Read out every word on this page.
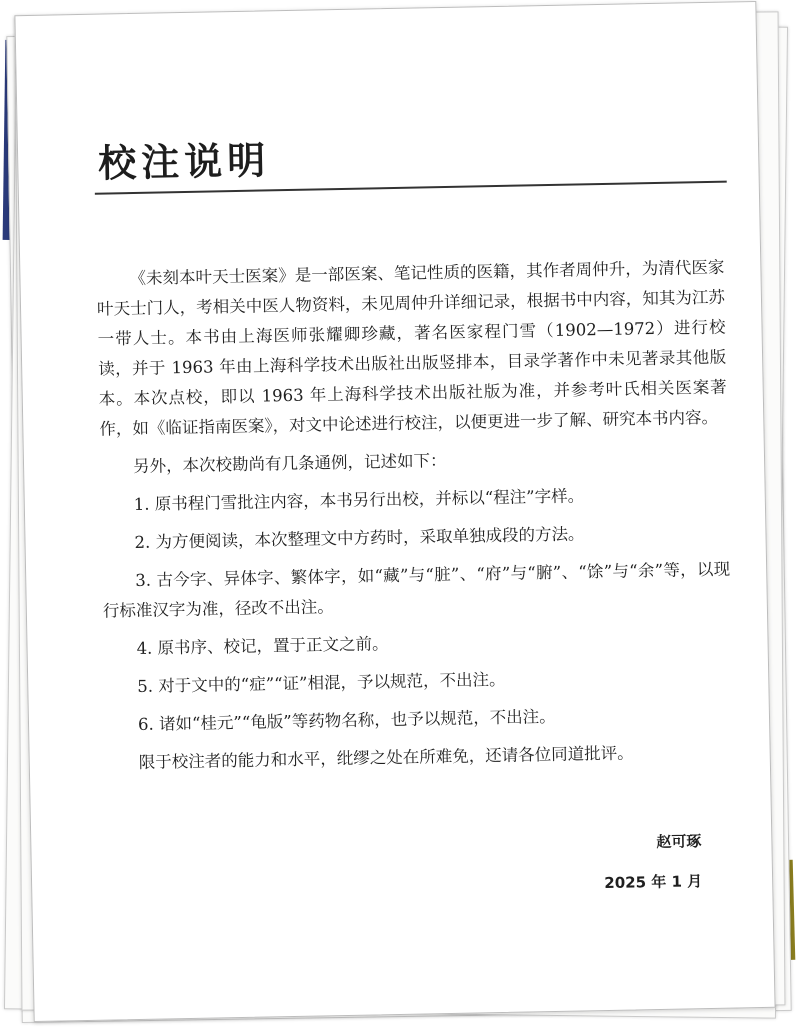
校注说明

《未刻本叶天士医案》是一部医案、笔记性质的医籍，其作者周仲升，为清代医家叶天士门人，考相关中医人物资料，未见周仲升详细记录，根据书中内容，知其为江苏一带人士。本书由上海医师张耀卿珍藏，著名医家程门雪（1902—1972）进行校读，并于 1963 年由上海科学技术出版社出版竖排本，目录学著作中未见著录其他版本。本次点校，即以 1963 年上海科学技术出版社版为准，并参考叶氏相关医案著作，如《临证指南医案》，对文中论述进行校注，以便更进一步了解、研究本书内容。

另外，本次校勘尚有几条通例，记述如下：

1. 原书程门雪批注内容，本书另行出校，并标以“程注”字样。

2. 为方便阅读，本次整理文中方药时，采取单独成段的方法。

3. 古今字、异体字、繁体字，如“藏”与“脏”、“府”与“腑”、“馀”与“余”等，以现行标准汉字为准，径改不出注。

4. 原书序、校记，置于正文之前。

5. 对于文中的“症”“证”相混，予以规范，不出注。

6. 诸如“桂元”“龟版”等药物名称，也予以规范，不出注。

限于校注者的能力和水平，纰缪之处在所难免，还请各位同道批评。

赵可琢
2025 年 1 月
